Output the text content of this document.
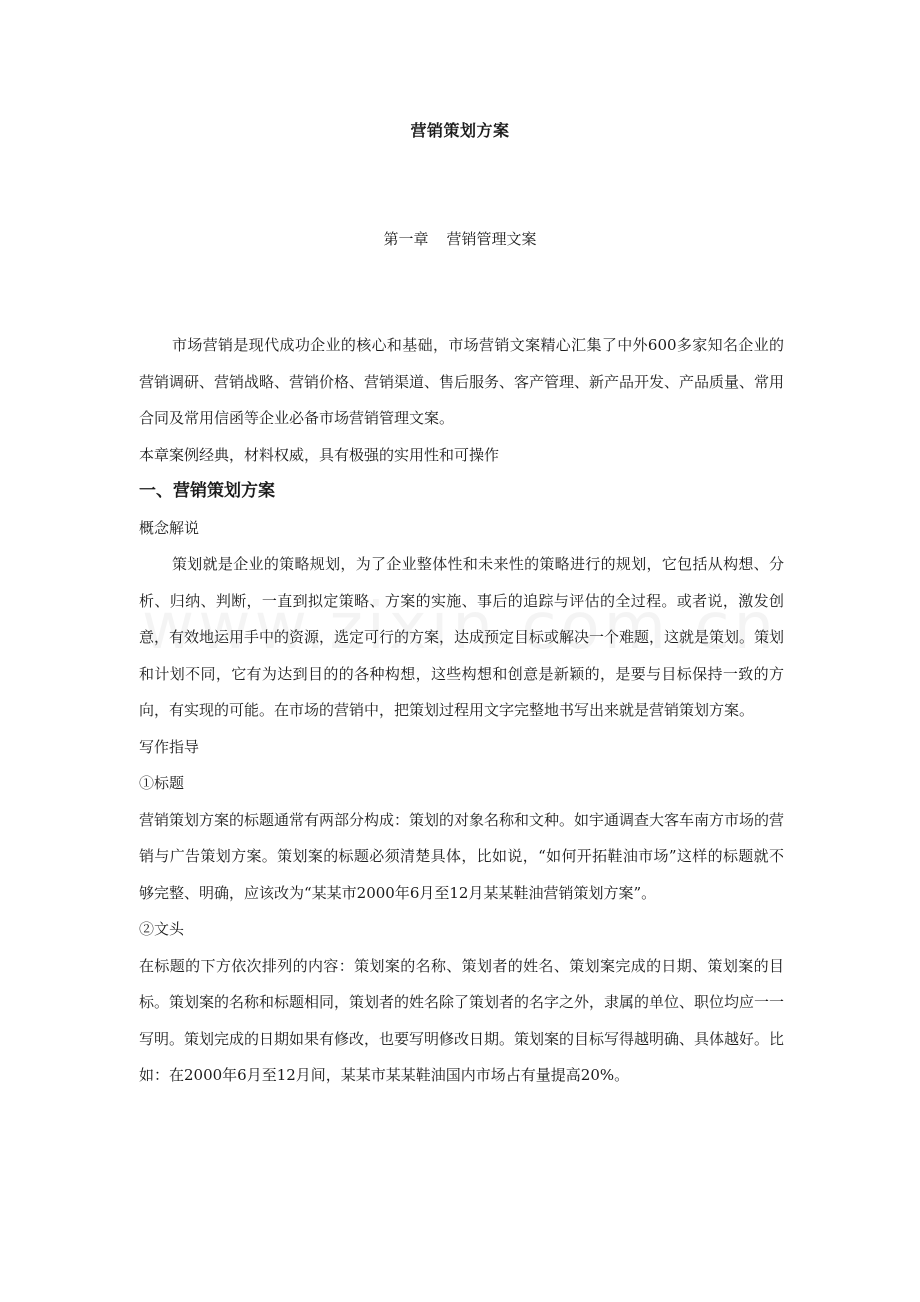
营销策划方案
第一章 营销管理文案

市场营销是现代成功企业的核心和基础，市场营销文案精心汇集了中外600多家知名企业的营销调研、营销战略、营销价格、营销渠道、售后服务、客产管理、新产品开发、产品质量、常用合同及常用信函等企业必备市场营销管理文案。

本章案例经典，材料权威，具有极强的实用性和可操作

一、营销策划方案

概念解说

策划就是企业的策略规划，为了企业整体性和未来性的策略进行的规划，它包括从构想、分析、归纳、判断，一直到拟定策略、方案的实施、事后的追踪与评估的全过程。或者说，激发创意，有效地运用手中的资源，选定可行的方案，达成预定目标或解决一个难题，这就是策划。策划和计划不同，它有为达到目的的各种构想，这些构想和创意是新颖的，是要与目标保持一致的方向，有实现的可能。在市场的营销中，把策划过程用文字完整地书写出来就是营销策划方案。

写作指导

①标题

营销策划方案的标题通常有两部分构成：策划的对象名称和文种。如宇通调查大客车南方市场的营销与广告策划方案。策划案的标题必须清楚具体，比如说，“如何开拓鞋油市场”这样的标题就不够完整、明确，应该改为“某某市2000年6月至12月某某鞋油营销策划方案”。

②文头

在标题的下方依次排列的内容：策划案的名称、策划者的姓名、策划案完成的日期、策划案的目标。策划案的名称和标题相同，策划者的姓名除了策划者的名字之外，隶属的单位、职位均应一一写明。策划完成的日期如果有修改，也要写明修改日期。策划案的目标写得越明确、具体越好。比如：在2000年6月至12月间，某某市某某鞋油国内市场占有量提高20%。
